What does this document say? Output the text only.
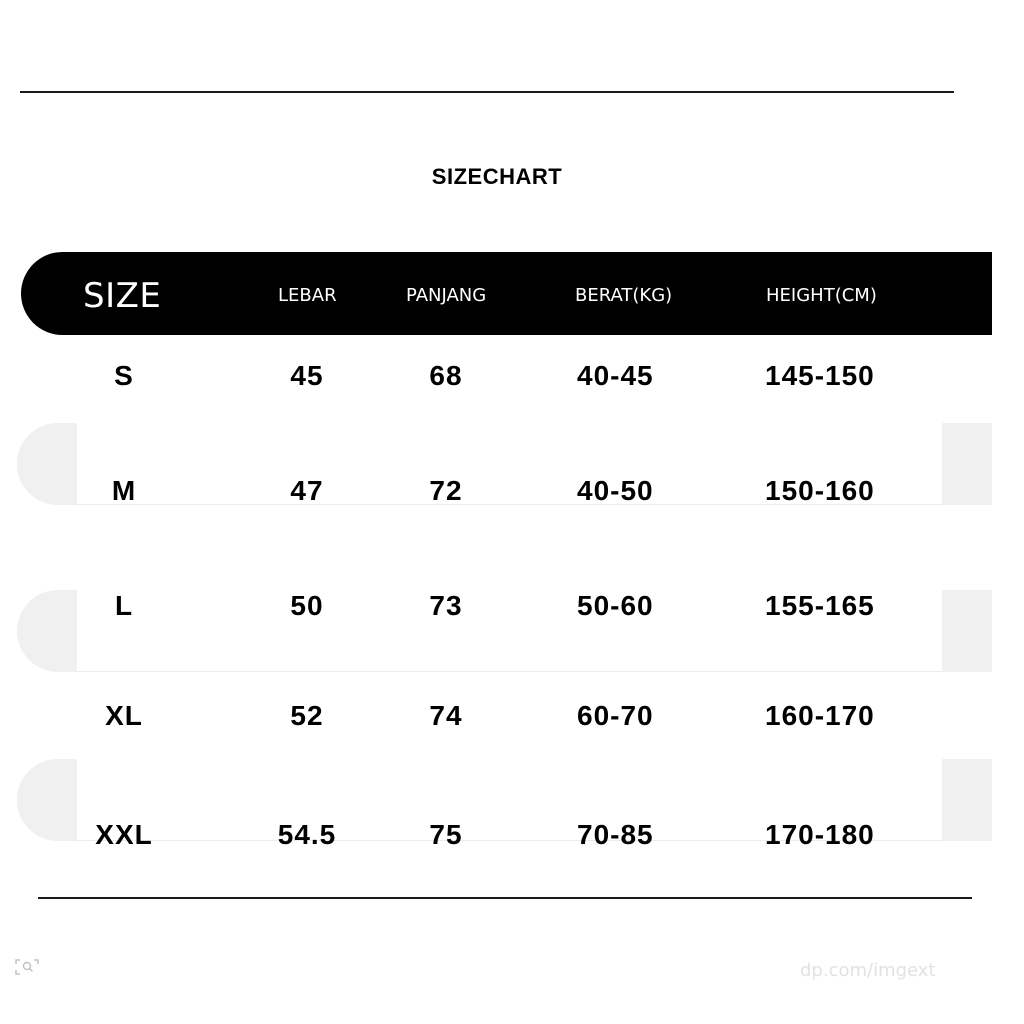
SIZECHART
SIZE	LEBAR	PANJANG	BERAT(KG)	HEIGHT(CM)
S	45	68	40-45	145-150
M	47	72	40-50	150-160
L	50	73	50-60	155-165
XL	52	74	60-70	160-170
XXL	54.5	75	70-85	170-180
dp.com/imgext
